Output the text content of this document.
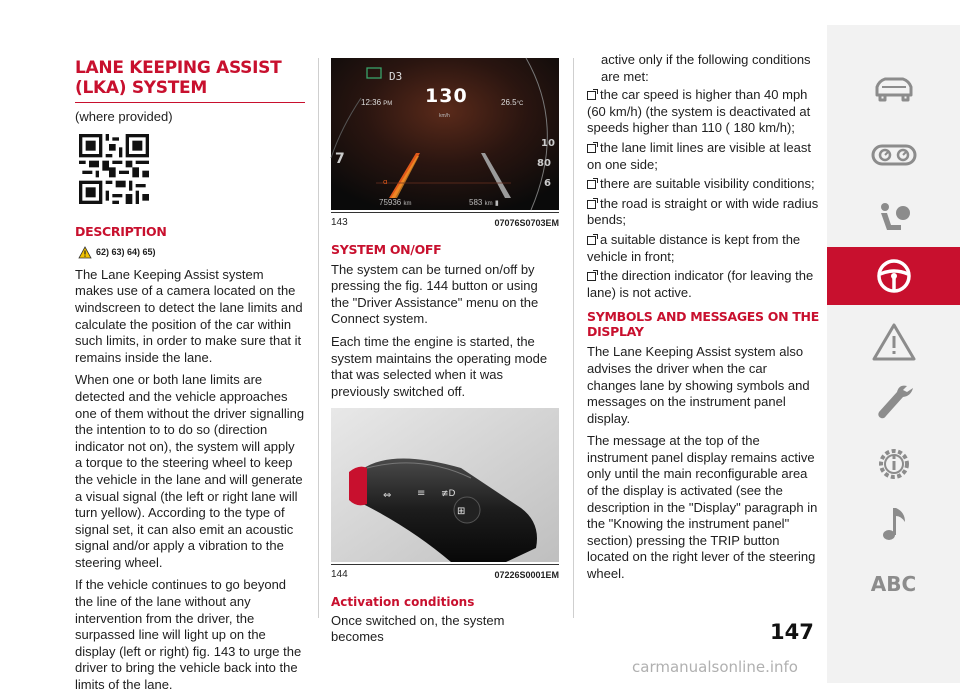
LANE KEEPING ASSIST (LKA) SYSTEM
(where provided)
DESCRIPTION
62) 63) 64) 65)

The Lane Keeping Assist system makes use of a camera located on the windscreen to detect the lane limits and calculate the position of the car within such limits, in order to make sure that it remains inside the lane.

When one or both lane limits are detected and the vehicle approaches one of them without the driver signalling the intention to to do so (direction indicator not on), the system will apply a torque to the steering wheel to keep the vehicle in the lane and will generate a visual signal (the left or right lane will turn yellow). According to the type of signal set, it can also emit an acoustic signal and/or apply a vibration to the steering wheel.

If the vehicle continues to go beyond the line of the lane without any intervention from the driver, the surpassed line will light up on the display (left or right) fig. 143 to urge the driver to bring the vehicle back into the limits of the lane.

ɑ
7
10
80
6
D3
12:36 PM 130
km/h
26.5°C
75936 km	583 km ▮
143	07076S0703EM
SYSTEM ON/OFF

The system can be turned on/off by pressing the fig. 144 button or using the "Driver Assistance" menu on the Connect system.

Each time the engine is started, the system maintains the operating mode that was selected when it was previously switched off.

⇔	≡
⊞
≢D
144	07226S0001EM
Activation conditions

Once switched on, the system becomes

active only if the following conditions are met:

the car speed is higher than 40 mph (60 km/h) (the system is deactivated at speeds higher than 110 ( 180 km/h);
the lane limit lines are visible at least on one side;
there are suitable visibility conditions;
the road is straight or with wide radius bends;
a suitable distance is kept from the vehicle in front;
the direction indicator (for leaving the lane) is not active.
SYMBOLS AND MESSAGES ON THE DISPLAY

The Lane Keeping Assist system also advises the driver when the car changes lane by showing symbols and messages on the instrument panel display.

The message at the top of the instrument panel display remains active only until the main reconfigurable area of the display is activated (see the description in the "Display" paragraph in the "Knowing the instrument panel" section) pressing the TRIP button located on the right lever of the steering wheel.

147
ABC
carmanualsonline.info
